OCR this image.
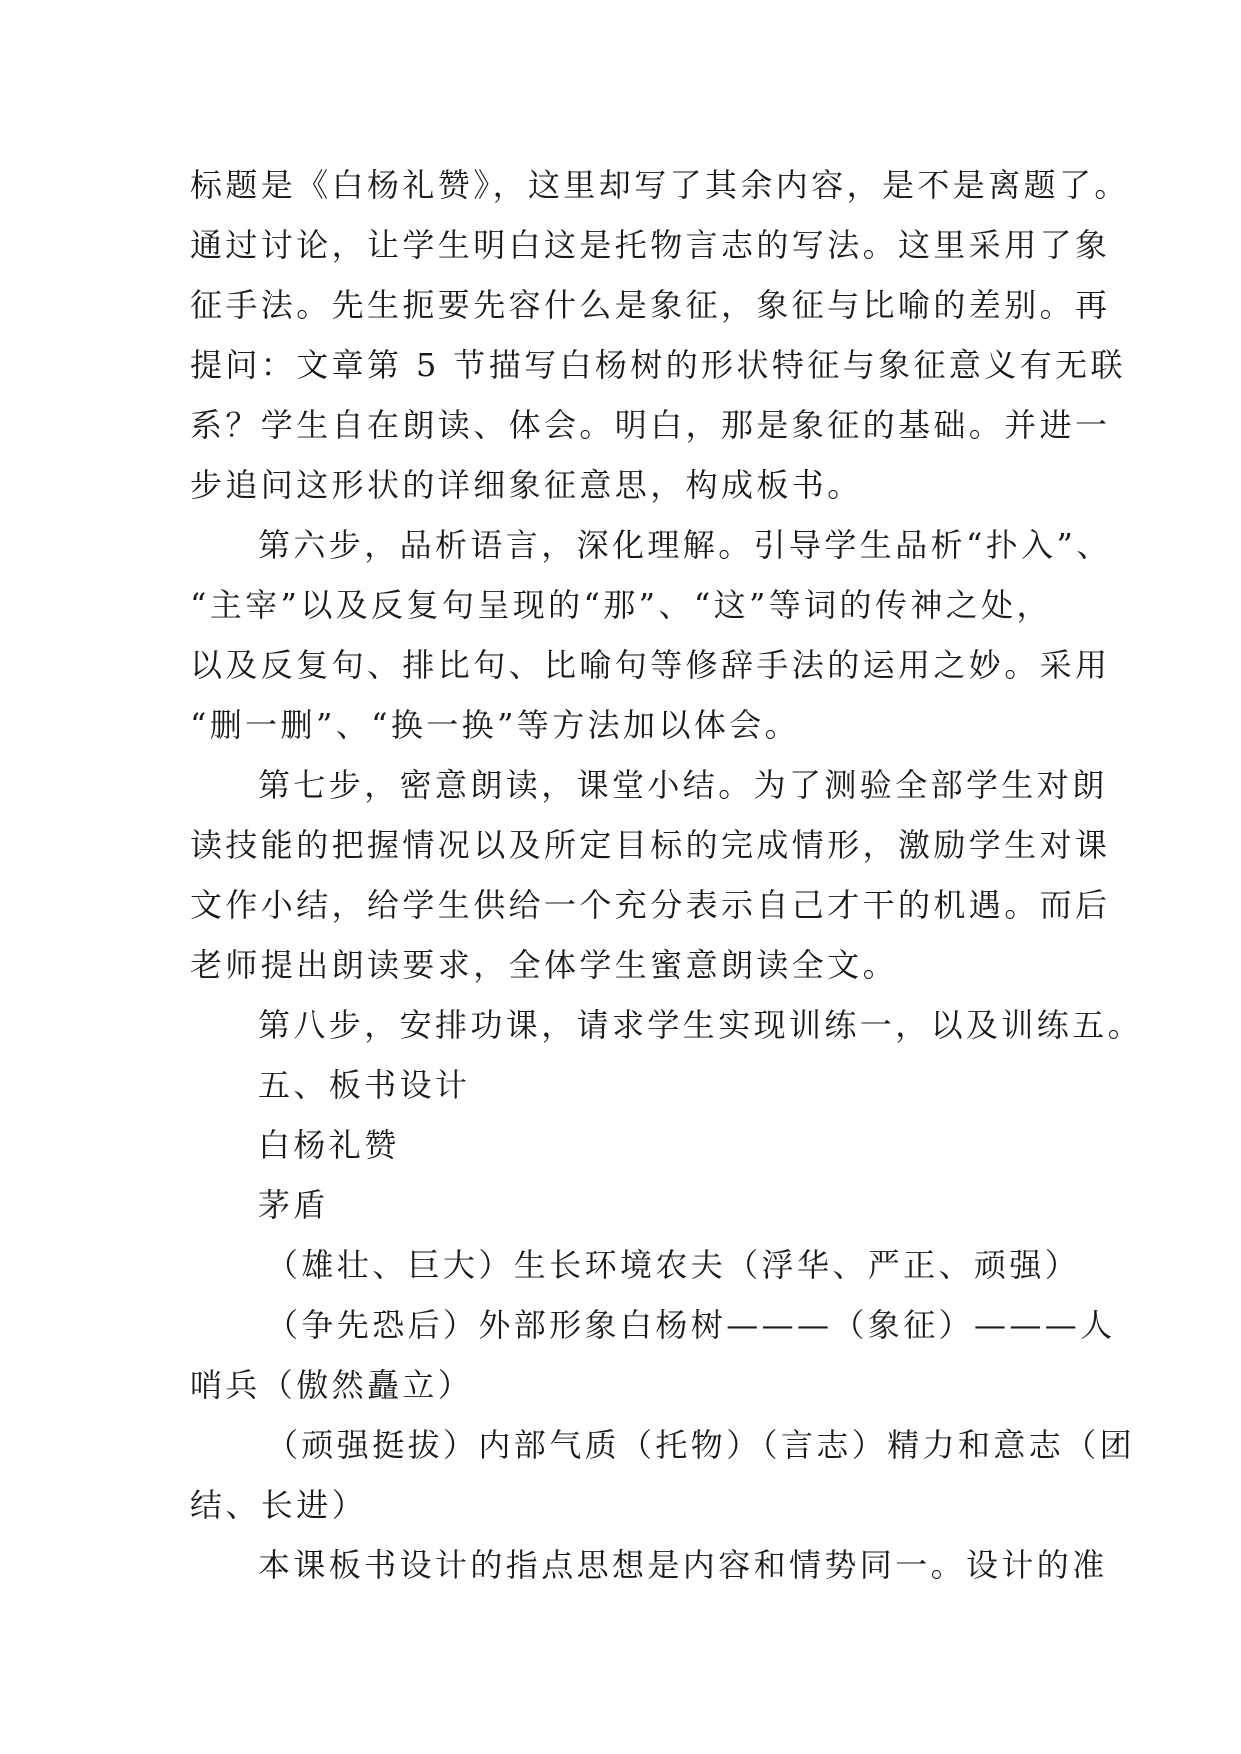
标题是《白杨礼赞》，这里却写了其余内容，是不是离题了。
通过讨论，让学生明白这是托物言志的写法。这里采用了象
征手法。先生扼要先容什么是象征，象征与比喻的差别。再
提问：文章第 5 节描写白杨树的形状特征与象征意义有无联
系？学生自在朗读、体会。明白，那是象征的基础。并进一
步追问这形状的详细象征意思，构成板书。
第六步，品析语言，深化理解。引导学生品析“扑入”、
“主宰”以及反复句呈现的“那”、“这”等词的传神之处，
以及反复句、排比句、比喻句等修辞手法的运用之妙。采用
“删一删”、“换一换”等方法加以体会。
第七步，密意朗读，课堂小结。为了测验全部学生对朗
读技能的把握情况以及所定目标的完成情形，激励学生对课
文作小结，给学生供给一个充分表示自己才干的机遇。而后
老师提出朗读要求，全体学生蜜意朗读全文。
第八步，安排功课，请求学生实现训练一，以及训练五。
五、板书设计
白杨礼赞
茅盾
（雄壮、巨大）生长环境农夫（浮华、严正、顽强）
（争先恐后）外部形象白杨树———（象征）———人
哨兵（傲然矗立）
（顽强挺拔）内部气质（托物）（言志）精力和意志（团
结、长进）
本课板书设计的指点思想是内容和情势同一。设计的准
